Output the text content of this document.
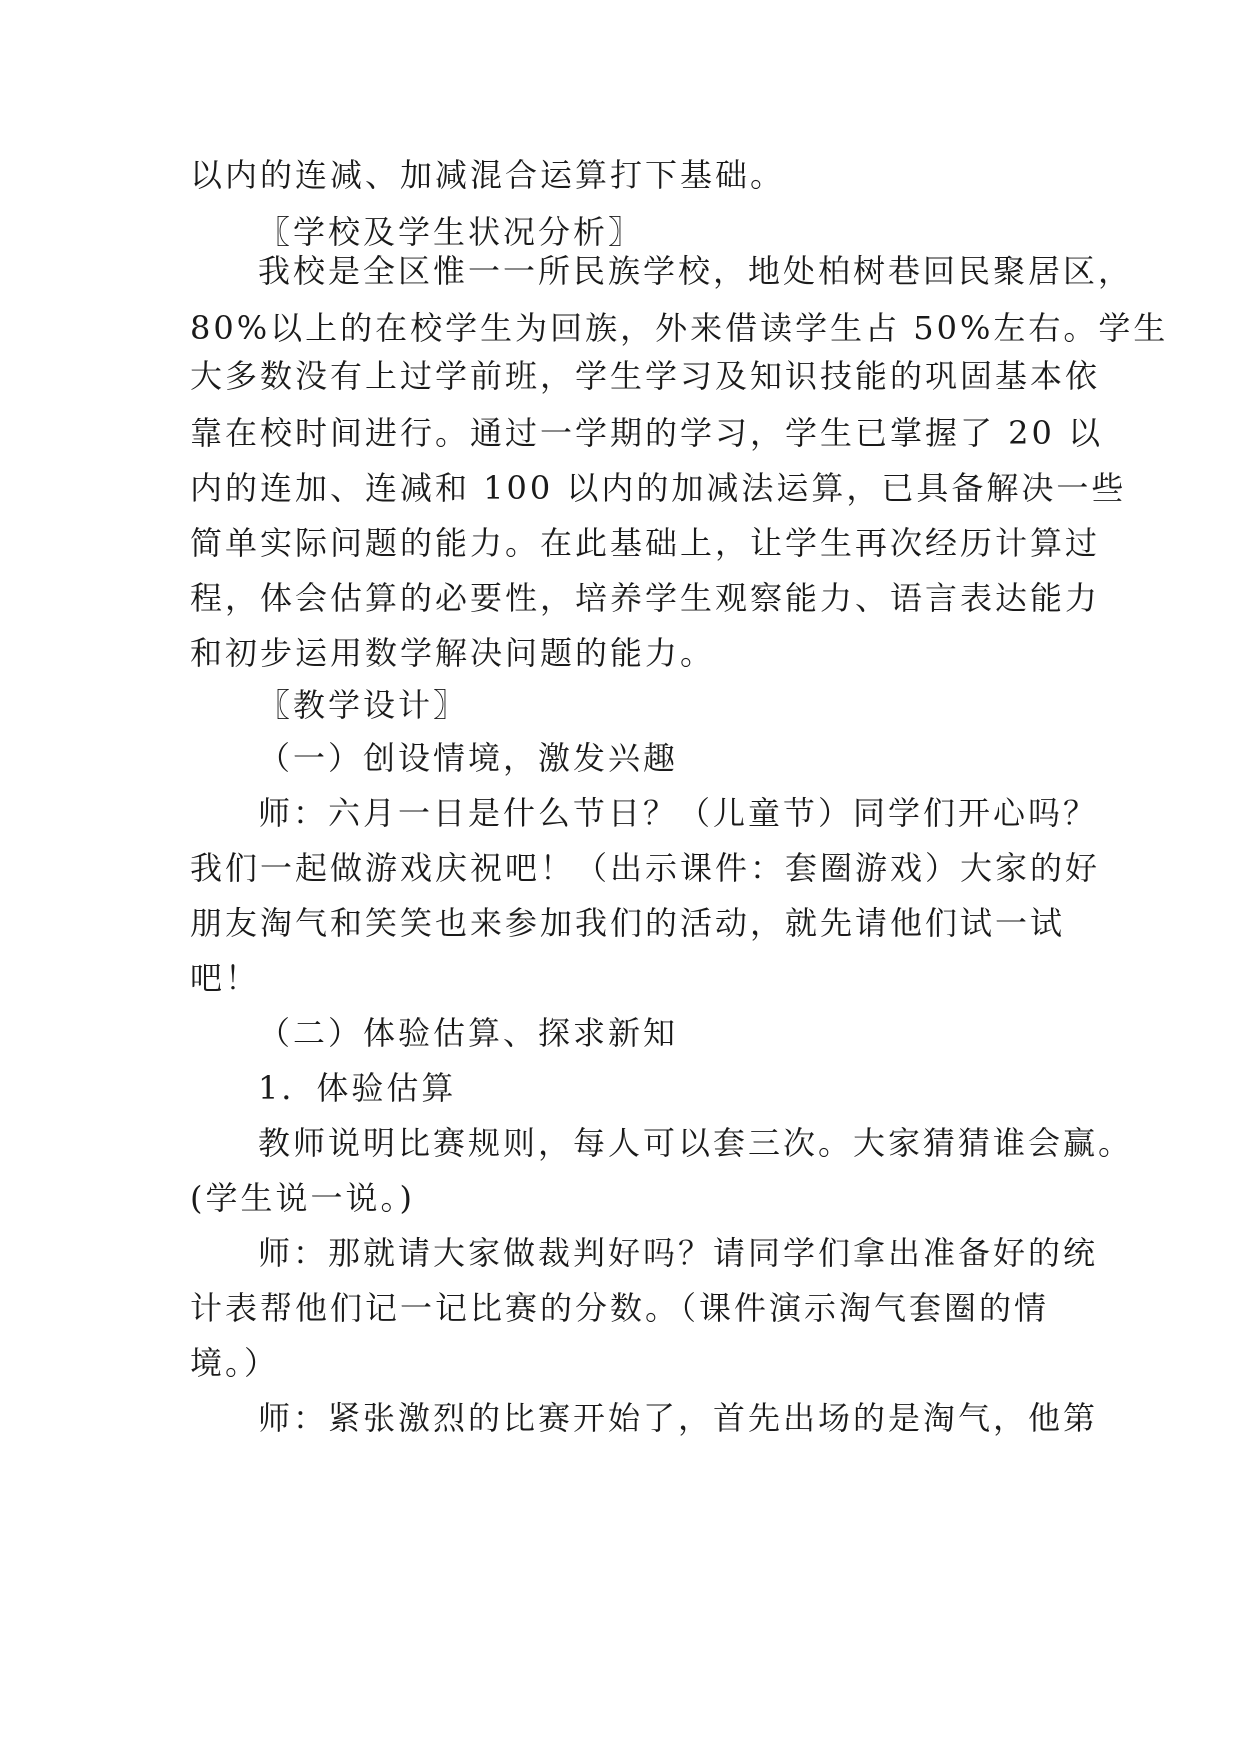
以内的连减、加减混合运算打下基础。
〖学校及学生状况分析〗
我校是全区惟一一所民族学校，地处柏树巷回民聚居区，
80%以上的在校学生为回族，外来借读学生占 50%左右。学生
大多数没有上过学前班，学生学习及知识技能的巩固基本依
靠在校时间进行。通过一学期的学习，学生已掌握了 20 以
内的连加、连减和 100 以内的加减法运算，已具备解决一些
简单实际问题的能力。在此基础上，让学生再次经历计算过
程，体会估算的必要性，培养学生观察能力、语言表达能力
和初步运用数学解决问题的能力。
〖教学设计〗
（一）创设情境，激发兴趣
师：六月一日是什么节日？（儿童节）同学们开心吗？
我们一起做游戏庆祝吧！（出示课件：套圈游戏）大家的好
朋友淘气和笑笑也来参加我们的活动，就先请他们试一试
吧！
（二）体验估算、探求新知
1．体验估算
教师说明比赛规则，每人可以套三次。大家猜猜谁会赢。
(学生说一说。)
师：那就请大家做裁判好吗？请同学们拿出准备好的统
计表帮他们记一记比赛的分数。（课件演示淘气套圈的情
境。）
师：紧张激烈的比赛开始了，首先出场的是淘气，他第
